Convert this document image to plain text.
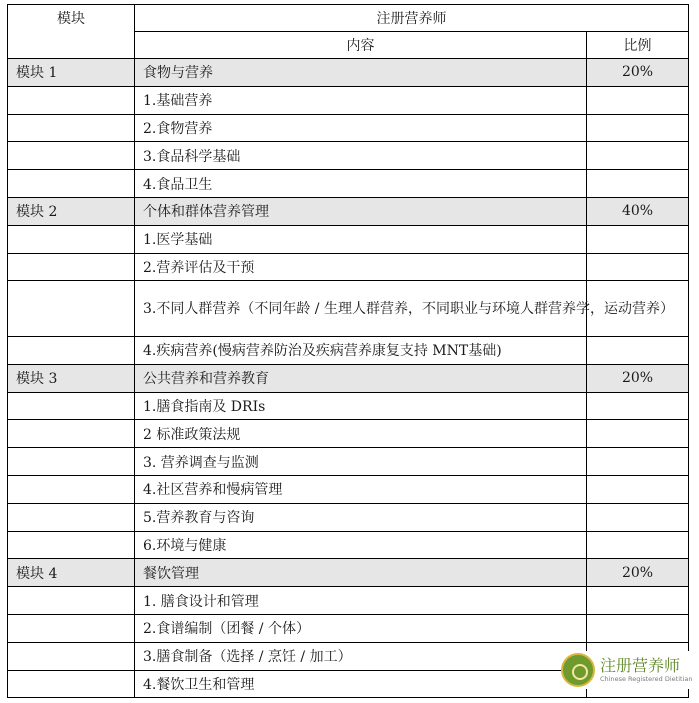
模块	注册营养师	
	内容	比例
模块 1	食物与营养	20%
	1.基础营养	
	2.食物营养	
	3.食品科学基础	
	4.食品卫生	
模块 2	个体和群体营养管理	40%
	1.医学基础	
	2.营养评估及干预	
	3.不同人群营养（不同年龄 / 生理人群营养，不同职业与环境人群营养学，运动营养）	
	4.疾病营养(慢病营养防治及疾病营养康复支持 MNT基础)	
模块 3	公共营养和营养教育	20%
	1.膳食指南及 DRIs	
	2 标准政策法规	
	3. 营养调查与监测	
	4.社区营养和慢病管理	
	5.营养教育与咨询	
	6.环境与健康	
模块 4	餐饮管理	20%
	1. 膳食设计和管理	
	2.食谱编制（团餐 / 个体）	
	3.膳食制备（选择 / 烹饪 / 加工）	
	4.餐饮卫生和管理	
注册营养师
Chinese Registered Dietitian
